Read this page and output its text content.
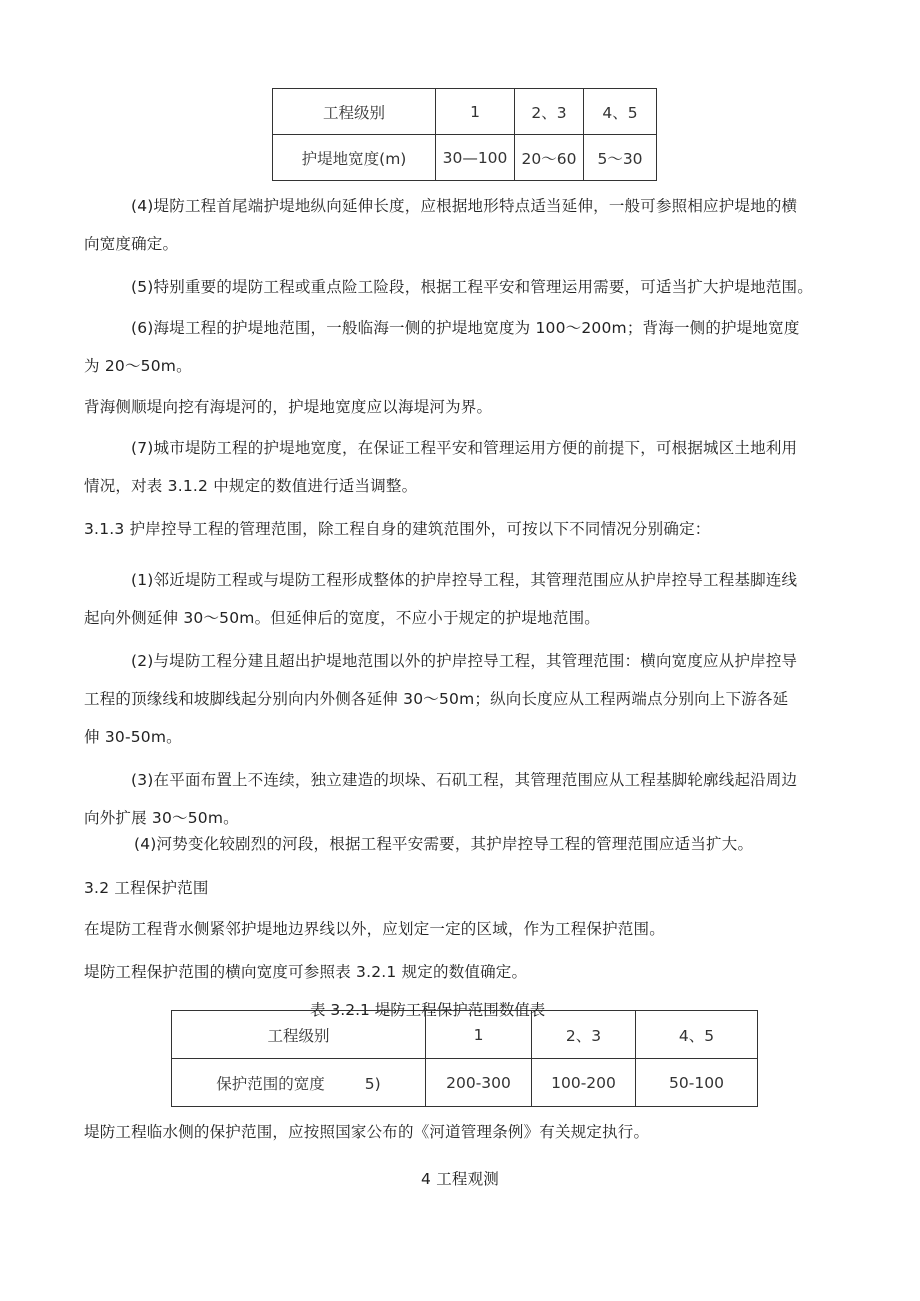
工程级别	1	2、3	4、5
护堤地宽度(m)	30—100	20～60	5～30

(4)堤防工程首尾端护堤地纵向延伸长度，应根据地形特点适当延伸，一般可参照相应护堤地的横

向宽度确定。

(5)特别重要的堤防工程或重点险工险段，根据工程平安和管理运用需要，可适当扩大护堤地范围。

(6)海堤工程的护堤地范围，一般临海一侧的护堤地宽度为 100～200m；背海一侧的护堤地宽度

为 20～50m。

背海侧顺堤向挖有海堤河的，护堤地宽度应以海堤河为界。

(7)城市堤防工程的护堤地宽度，在保证工程平安和管理运用方便的前提下，可根据城区土地利用

情况，对表 3.1.2 中规定的数值进行适当调整。

3.1.3 护岸控导工程的管理范围，除工程自身的建筑范围外，可按以下不同情况分别确定：

(1)邻近堤防工程或与堤防工程形成整体的护岸控导工程，其管理范围应从护岸控导工程基脚连线

起向外侧延伸 30～50m。但延伸后的宽度，不应小于规定的护堤地范围。

(2)与堤防工程分建且超出护堤地范围以外的护岸控导工程，其管理范围：横向宽度应从护岸控导

工程的顶缘线和坡脚线起分别向内外侧各延伸 30～50m；纵向长度应从工程两端点分别向上下游各延

伸 30-50m。

(3)在平面布置上不连续，独立建造的坝垛、石矶工程，其管理范围应从工程基脚轮廓线起沿周边

向外扩展 30～50m。

(4)河势变化较剧烈的河段，根据工程平安需要，其护岸控导工程的管理范围应适当扩大。

3.2 工程保护范围

在堤防工程背水侧紧邻护堤地边界线以外，应划定一定的区域，作为工程保护范围。

堤防工程保护范围的横向宽度可参照表 3.2.1 规定的数值确定。

表 3.2.1 堤防工程保护范围数值表
工程级别	1	2、3	4、5
保护范围的宽度 5)	200-300	100-200	50-100

堤防工程临水侧的保护范围，应按照国家公布的《河道管理条例》有关规定执行。

4 工程观测
